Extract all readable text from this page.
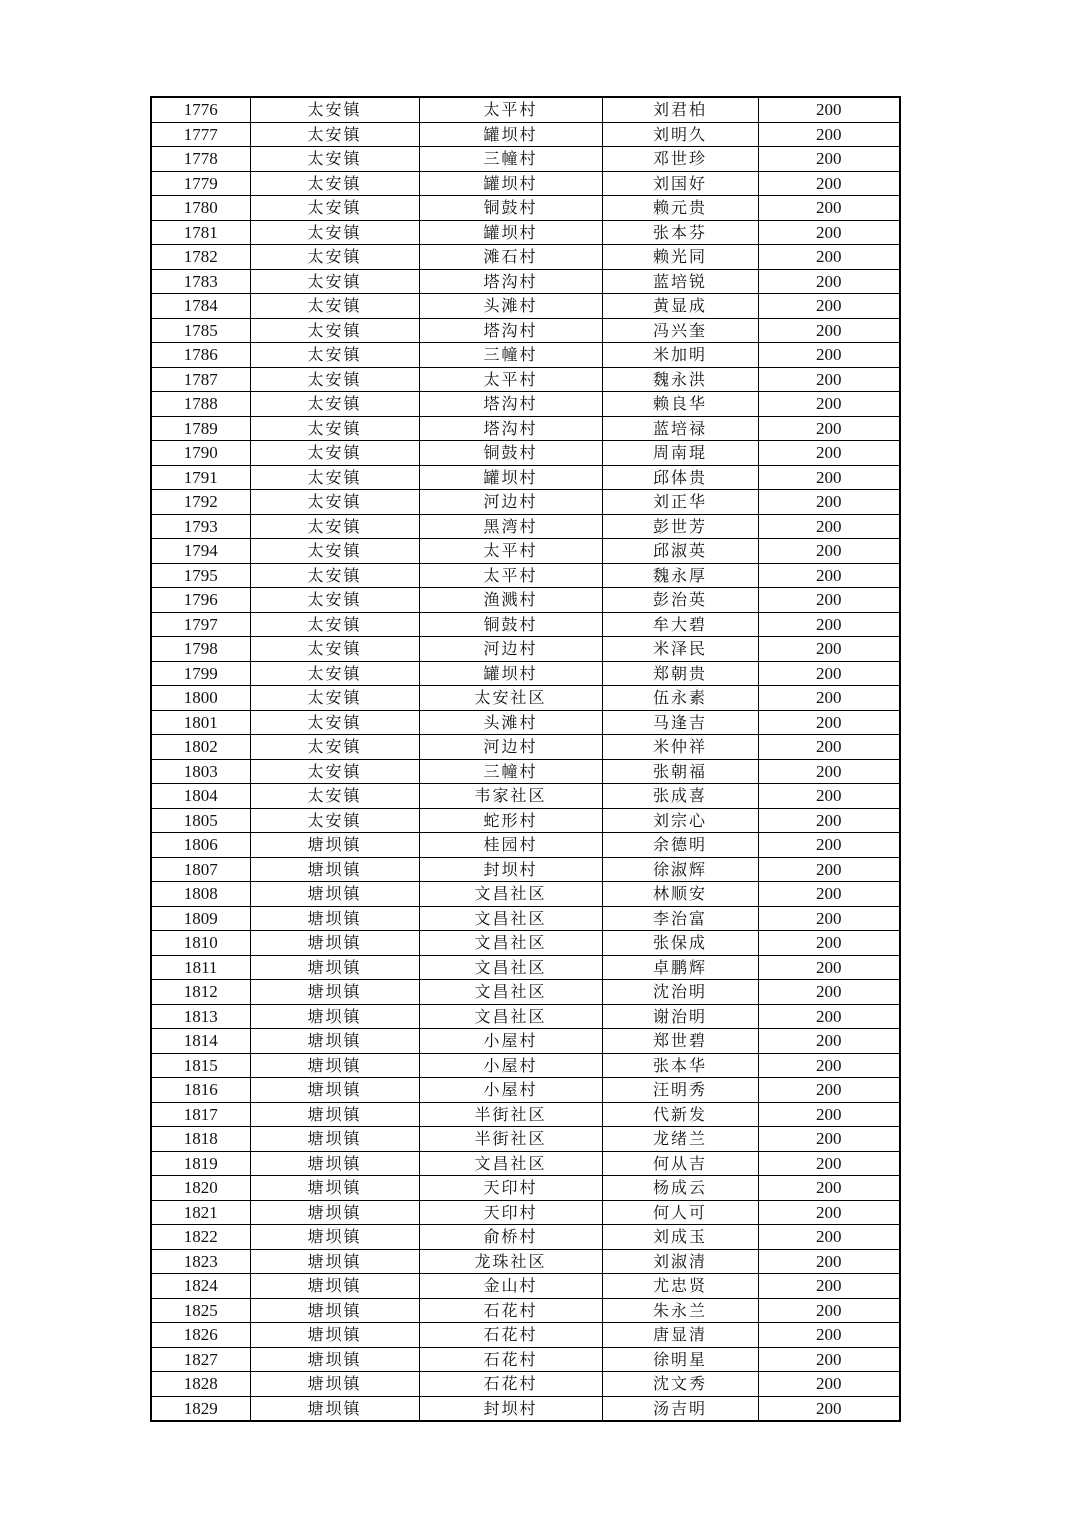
1776	太安镇	太平村	刘君柏	200
1777	太安镇	罐坝村	刘明久	200
1778	太安镇	三幢村	邓世珍	200
1779	太安镇	罐坝村	刘国好	200
1780	太安镇	铜鼓村	赖元贵	200
1781	太安镇	罐坝村	张本芬	200
1782	太安镇	滩石村	赖光同	200
1783	太安镇	塔沟村	蓝培锐	200
1784	太安镇	头滩村	黄显成	200
1785	太安镇	塔沟村	冯兴奎	200
1786	太安镇	三幢村	米加明	200
1787	太安镇	太平村	魏永洪	200
1788	太安镇	塔沟村	赖良华	200
1789	太安镇	塔沟村	蓝培禄	200
1790	太安镇	铜鼓村	周南琨	200
1791	太安镇	罐坝村	邱体贵	200
1792	太安镇	河边村	刘正华	200
1793	太安镇	黑湾村	彭世芳	200
1794	太安镇	太平村	邱淑英	200
1795	太安镇	太平村	魏永厚	200
1796	太安镇	渔溅村	彭治英	200
1797	太安镇	铜鼓村	牟大碧	200
1798	太安镇	河边村	米泽民	200
1799	太安镇	罐坝村	郑朝贵	200
1800	太安镇	太安社区	伍永素	200
1801	太安镇	头滩村	马逢吉	200
1802	太安镇	河边村	米仲祥	200
1803	太安镇	三幢村	张朝福	200
1804	太安镇	韦家社区	张成喜	200
1805	太安镇	蛇形村	刘宗心	200
1806	塘坝镇	桂园村	余德明	200
1807	塘坝镇	封坝村	徐淑辉	200
1808	塘坝镇	文昌社区	林顺安	200
1809	塘坝镇	文昌社区	李治富	200
1810	塘坝镇	文昌社区	张保成	200
1811	塘坝镇	文昌社区	卓鹏辉	200
1812	塘坝镇	文昌社区	沈治明	200
1813	塘坝镇	文昌社区	谢治明	200
1814	塘坝镇	小屋村	郑世碧	200
1815	塘坝镇	小屋村	张本华	200
1816	塘坝镇	小屋村	汪明秀	200
1817	塘坝镇	半街社区	代新发	200
1818	塘坝镇	半街社区	龙绪兰	200
1819	塘坝镇	文昌社区	何从吉	200
1820	塘坝镇	天印村	杨成云	200
1821	塘坝镇	天印村	何人可	200
1822	塘坝镇	俞桥村	刘成玉	200
1823	塘坝镇	龙珠社区	刘淑清	200
1824	塘坝镇	金山村	尤忠贤	200
1825	塘坝镇	石花村	朱永兰	200
1826	塘坝镇	石花村	唐显清	200
1827	塘坝镇	石花村	徐明星	200
1828	塘坝镇	石花村	沈文秀	200
1829	塘坝镇	封坝村	汤吉明	200
